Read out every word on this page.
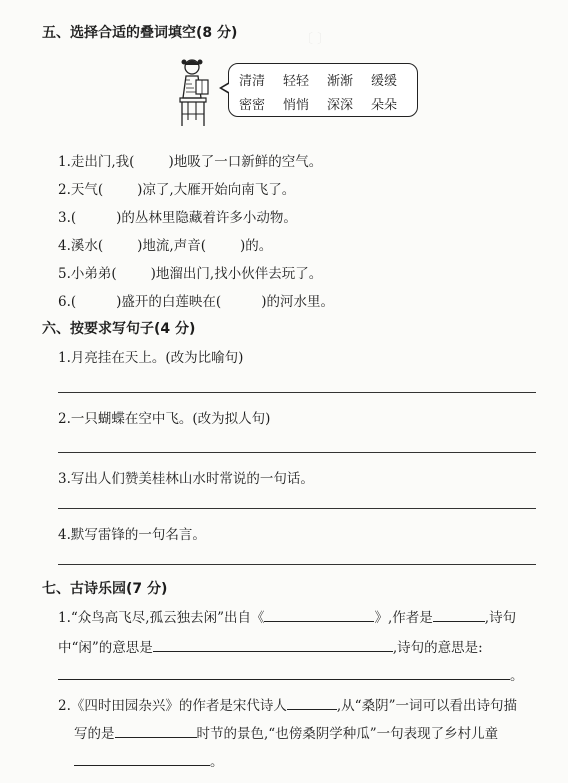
〔 〕
五、选择合适的叠词填空(8 分)
清清 轻轻 渐渐 缓缓
密密 悄悄 深深 朵朵
1.走出门,我(	)地吸了一口新鲜的空气。
2.天气(	)凉了,大雁开始向南飞了。
3.(	)的丛林里隐藏着许多小动物。
4.溪水(	)地流,声音(	)的。
5.小弟弟(	)地溜出门,找小伙伴去玩了。
6.(	)盛开的白莲映在(	)的河水里。
六、按要求写句子(4 分)
1.月亮挂在天上。(改为比喻句)
2.一只蝴蝶在空中飞。(改为拟人句)
3.写出人们赞美桂林山水时常说的一句话。
4.默写雷锋的一句名言。
七、古诗乐园(7 分)
1.“众鸟高飞尽,孤云独去闲”出自《	》,作者是	,诗句
中“闲”的意思是	,诗句的意思是:
。
2.《四时田园杂兴》的作者是宋代诗人	,从“桑阴”一词可以看出诗句描
写的是	时节的景色,“也傍桑阴学种瓜”一句表现了乡村儿童
。
